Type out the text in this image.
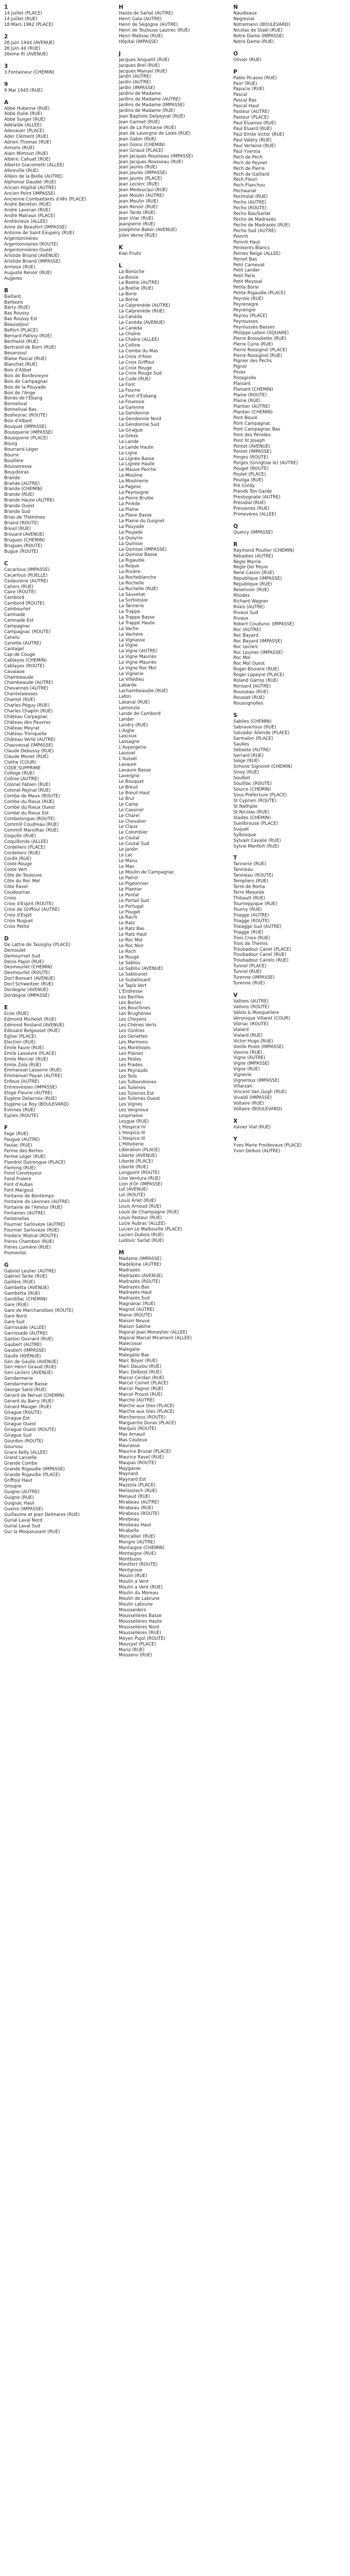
1
14 Juillet (PLACE)
14 Juillet (RUE)
18 Mars 1962 (PLACE)
2
26 Juin 1944 (AVENUE)
26 Juin 44 (RUE)
26eme Ri (AVENUE)
3
3 Fontaineur (CHEMIN)
9
9 Mai 1945 (RUE)
A
Abbé Huberne (RUE)
Abbé Oulié (RUE)
Abbé Surger (RUE)
Adélaïde (ALLEE)
Adenauer (PLACE)
Ader Clément (RUE)
Adrien Thomas (RUE)
Aimons (RUE)
Alain Mimoun (RUE)
Albéric Cahuet (RUE)
Alberto Giacometti (ALLEE)
Albreville (RUE)
Allées de la Bielle (AUTRE)
Alphonse Daudet (RUE)
Ancien Hôpital (AUTRE)
Ancien Point (IMPASSE)
Ancienne Combattants d'Afn (PLACE)
André Benéton (RUE)
André Laveran (RUE)
André Malraux (PLACE)
Andrévieux (ALLEE)
Anne de Beaufort (IMPASSE)
Antoine de Saint Exupéry (RUE)
Argentonnières
Argentonnieres (ROUTE)
Argentonnières Ouest
Aristide Briand (AVENUE)
Aristide Briand (IMPASSE)
Armeux (RUE)
Auguste Renoir (RUE)
Augeres
B
Baillard
Barbezis
Barry (RUE)
Bas Roussy
Bas Roussy Est
Beauséjour
Belfort (PLACE)
Bernard Palissy (RUE)
Berthelot (RUE)
Bertrand de Born (RUE)
Besansoul
Blaise Pascal (RUE)
Blanchet (RUE)
Bois d'Alibet
Bois de Bordevieyre
Bois de Campagnac
Bois de la Pouyade
Bois de l'Ange
Bonds de l'Ebang
Bonnelival
Bonnelival Bas
Bosheyrac (ROUTE)
Bois d'Albert
Bouquet (IMPASSE)
Bousquerie (IMPASSE)
Bousquerie (PLACE)
Bourg
Bourrand Léger
Bourre
Bouillère
Bousseresse
Bouydoiras
Brande
Brande (AUTRE)
Brande (CHEMIN)
Brande (RUE)
Brande Haute (AUTRE)
Brande Ouest
Brande Sud
Brias de Thémines
Briand (ROUTE)
Breuil (RUE)
Brouard (AVENUE)
Brugues (CHEMIN)
Brugues (ROUTE)
Bugue (ROUTE)
C
Cacarlous (IMPASSE)
Cacarlous (RUELLE)
Cadaurerie (AUTRE)
Cahors (RUE)
Caire (ROUTE)
Cambord
Cambord (ROUTE)
Cambourtet
Camnade
Camnade Est
Campagnac
Campagnac (ROUTE)
Canelu
Canotte (AUTRE)
Cantagel
Cap de Couge
Cablayes (CHEMIN)
Cablayes (ROUTE)
Cavaiaoe
Chambeaude
Chambeaude (AUTRE)
Chevannes (AUTRE)
Chantelaiesses
Chantel (RUE)
Charles Péguy (RUE)
Charles Chaplin (RUE)
Château Carpagnac
Château des Pauvres
Château Meyrat
Château Tronquelle
Château Verte (AUTRE)
Chauvessal (IMPASSE)
Claude Debussy (RUE)
Claude Monet (RUE)
Clothe (COUR)
CODE SUPPRIME
Collège (RUE)
Colline (AUTRE)
Colonel Fabien (RUE)
Colonel Rejinal (RUE)
Combe de Maux (ROUTE)
Combe du Rieux (RUE)
Combe du Rieux Ouest
Combe du Rieux Est
Combelongue (ROUTE)
Commill Coudreau (RUE)
Commill Marsilhac (RUE)
Coquille (RUE)
Coquillonds (ALLEE)
Cordeliers (PLACE)
Cordeliers (RUE)
Cordit (RUE)
Coste Rouge
Coste Vert
Côte de Toulouse
Côte du Roc Mel
Côte Ravel
Coudournac
Cross
Croix d'Esprit (ROUTE)
Croix de Griffoul (AUTRE)
Croix d'Espit
Croix Nuguet
Croix Petite
D
De Lattre de Tassigny (PLACE)
Demoulet
Demourrset Sud
Denis Papin (RUE)
Desmourlet (CHEMIN)
Desmourlet (ROUTE)
Docl Bonsart (AVENUE)
Docl Schweitzer (RUE)
Dordogne (AVENUE)
Dordogne (IMPASSE)
E
Ecoe (RUE)
Edmond Michelet (RUE)
Edmond Rostand (AVENUE)
Edouard Belgouset (RUE)
Eglise (PLACE)
Election (RUE)
Emile Faure (RUE)
Emile Lassevre (PLACE)
Emile Mercier (RUE)
Emile Zola (RUE)
Emmanuel Lasserre (RUE)
Emmanuel Payan (AUTRE)
Enfeux (AUTRE)
Entresvesses (IMPASSE)
Eloge Fleurie (AUTRE)
Eugène Delacroix (RUE)
Eugène Le Roy (BOULEVARD)
Evinnes (RUE)
Eyzies (ROUTE)
F
Fage (RUE)
Faugue (AUTRE)
Faulac (RUE)
Ferme des Bertes
Ferme Léger (RUE)
Flandrol Dutrongue (PLACE)
Fleming (RUE)
Fond Cendreyeur
Fond Fraiere
Font d'Aubas
Font Margout
Fontaine de Bontemps
Fontaine de Léonnes (AUTRE)
Fontaine de l'Amour (RUE)
Fontaines (AUTRE)
Fontenelles
Fournier Sarlovèze (AUTRE)
Fournier Sarlovèze (RUE)
Frédéric Mistral (ROUTE)
Frères Chambon (RUE)
Frères Lumière (RUE)
Fromental
G
Gabriel Leulier (AUTRE)
Gabriel Tarde (RUE)
Gaillère (RUE)
Gambetta (AVENUE)
Gambetta (RUE)
Gandillac (CHEMIN)
Gare (RUE)
Gare de Marchandises (ROUTE)
Gare Nord
Gare Sud
Garrissade (ALLEE)
Garrissade (AUTRE)
Gaston Ouvrard (RUE)
Gaubert (AUTRE)
Gaubert (IMPASSE)
Gaulle (AVENUE)
Gén de Gaulle (AVENUE)
Gén Henri Giraud (RUE)
Gén Leclerc (AVENUE)
Gendarmerie
Gendarmerie Basse
George Sand (RUE)
Gérard de Nerval (CHEMIN)
Gérard du Barry (RUE)
Gérard Mauger (RUE)
Girague (ROUTE)
Girague Est
Girague Ouest
Girague Ouest (ROUTE)
Girague Sud
Gourdon (ROUTE)
Goursou
Grace Kelly (ALLEE)
Grand Laruelle
Grande Combe
Grande Rigaudie (IMPASSE)
Grande Rigaudie (PLACE)
Griffoul Haut
Groupie
Guigne (AUTRE)
Guigne (RUE)
Guignac Haut
Guerre (IMPASSE)
Guillaume et Jean Delmares (RUE)
Gurial Laval Nord
Gurial Laval Sud
Gur la Moqueusant (RUE)
H
Haute de Sarlat (AUTRE)
Henri Gala (AUTRE)
Henri de Ségogne (AUTRE)
Henri de Toulouse Lautrec (RUE)
Henri Matisse (RUE)
Hôpital (IMPASSE)
J
Jacques Anquetil (RUE)
Jacques Brel (RUE)
Jacques Manuel (RUE)
Jardin (AUTRE)
Jardin (AUTRE)
Jardin (IMPASSE)
Jardins de Madame
Jardins de Madame (AUTRE)
Jardins de Madame (IMPASSE)
Jardins de Madame (RUE)
Jean Baptiste Delpeyrat (RUE)
Jean Carmet (RUE)
Jean de La Fontaine (RUE)
Jean de Lavergne de Lolés (RUE)
Jean Gabin (RUE)
Jean Giono (CHEMIN)
Jean Giraud (PLACE)
Jean Jacques Rousseau (IMPASSE)
Jean Jacques Rousseau (RUE)
Jean Jaurès (RUE)
Jean Jaurès (IMPASSE)
Jean Jaurès (PLACE)
Jean Leclerc (RUE)
Jean Medoucqui (RUE)
Jean Moulin (AUTRE)
Jean Moulin (RUE)
Jean Renoir (RUE)
Jean Tarde (RUE)
Jean Vilar (RUE)
Jeanpierre (RUE)
Joséphine Baker (AVENUE)
Jules Verne (RUE)
K
Kiwi Fruits
L
La Bonoche
La Boisie
La Boétie (AUTRE)
La Boétie (RUE)
La Borie
La Borne
La Calprenède (AUTRE)
La Calprenède (RUE)
La Canéda
La Canéda (AVENUE)
La Canéda
La Chaîne
La Chaîne (ALLEE)
La Colline
La Combe du Mas
La Croix d'Alon
La Croix Griffoul
La Croix Rouge
La Croix Rouge Sud
La Cude (RUE)
La Font
La Fourne
La Font d'Esbang
La Fouessie
La Garenne
La Gendonnie
La Gendonnie Nord
La Gendonnie Sud
La Girague
La Grèze
La Lande
La Lande Haute
La Ligne
La Lignée Basse
La Lignée Haute
La Mauve Perche
La Mouline
La Moulinerie
La Pagèse
La Peyrougne
La Pierre Brulée
La Pinède
La Plaine
La Plane Basse
La Plaine du Guignet
La Pouyade
La Poujade
La Queyrie
La Quinsse
La Quinsse (IMPASSE)
La Quinsse Basse
La Rigaudie
La Roque
La Rivière
La Rocheblanche
La Rochelle
La Rochelle (RUE)
La Sauvetat
La Sorbiéssie
La Tannerie
La Trappe
La Trappe Basse
La Trappe Haute
La Vache
La Vachère
La Vignasse
La Vigne
La Vigne (AUTRE)
La Vigne Mauriès
La Vigne Mauriès
La Vigne Roc Mol
La Vignerie
La Villedieu
Labarde
Lachambeaudie (RUE)
Lafon
Lakanal (RUE)
Lamonzie
Lande de Cambord
Lander
Landry (RUE)
L'Aiglie
Lascoux
Lassagne
L'Aspergerie
Laussel
L'Aussel
Lavaure
Lavaure Basse
Lavergne
Le Bouquet
Le Breuil
Le Breuil Haut
Le Brul
Le Camp
Le Cassinel
Le Charel
Le Chevalier
Le Claux
Le Colombier
Le Coutal
Le Coutal Sud
Le Jardin
Le Lac
Le Manu
Le Mas
Le Moulin de Campagnac
Le Patrol
Le Pigeonnier
Le Plantier
Le Pontal
Le Portail Sud
Le Portugal
Le Pouget
Le Rachi
Le Ratz
Le Ratz Bas
Le Ratz Haut
Le Roc Mol
Le Roc Noir
Le Roch
Le Rougé
Le Sablou
Le Sablou (AVENUE)
Le Sablounet
Le Sudalissant
Le Tapis Vert
L'Endresse
Les Barilles
Les Bories
Les Bouchines
Les Brughènes
Les Cheyens
Les Chênes Verts
Les Contres
Les Genettes
Les Marmons
Les Morélisses
Les Plaines
Les Pesles
Les Prades
Les Peyrauds
Les Teils
Les Tulbondoines
Les Tuileries
Les Tuileries Est
Les Tuileries Ouest
Les Vignes
Les Vergnoux
Lespinasse
Leygue (RUE)
L'Hospice IV
L'Hospice III
L'Hospice III
L'Hôtellerie
Libération (PLACE)
Liberté (AVENUE)
Liberté (PLACE)
Liberté (RUE)
Longpont (ROUTE)
Lino Ventura (RUE)
Lion d'Or (IMPASSE)
Lol (AVENUE)
Lol (ROUTE)
Louis Arlet (RUE)
Louis Arnoud (RUE)
Louis de Champagne (RUE)
Louis Pasteur (RUE)
Lucie Aubrac (ALLEE)
Lucien Le Malbouille (PLACE)
Lucien Dubois (RUE)
Ludovic Sarlat (RUE)
M
Madame (IMPASSE)
Madeleine (AUTRE)
Madrazès
Madrazès (AVENUE)
Madrazès (ROUTE)
Madrazès Bas
Madrazès Haut
Madrazès Sud
Magnanac (RUE)
Magnol (AUTRE)
Maine (ROUTE)
Maison Neuve
Maison Sabine
Majoral Jean Monestier (ALLEE)
Majoral Marcel Mirament (ALLEE)
Malecosse
Malegalie
Malegalie Bas
Marc Boyer (RUE)
Marc Dauzou (RUE)
Marc Delbost (RUE)
Marcel Cerdan (RUE)
Marcel Cornet (PLACE)
Marcel Pagnol (RUE)
Marcel Proust (RUE)
Marché (AUTRE)
Marché aux Oies (PLACE)
Marché aux Oies (PLACE)
Marchenous (ROUTE)
Marguerite Duras (PLACE)
Marquis (ROUTE)
Mas Arnaud
Mas Couteux
Maurasse
Maurice Bruzat (PLACE)
Maurice Ravel (RUE)
Maupas (ROUTE)
Maygasse
Maynard
Maynard Est
Mazzola (PLACE)
Melissirech (RUE)
Menaud (RUE)
Mirabeau (AUTRE)
Mirabeau (RUE)
Mirabeau (ROUTE)
Mirebeau
Mirebeau Haut
Mirabelle
Moncallier (RUE)
Mongre (AUTRE)
Montaigne (CHEMIN)
Montaigne (RUE)
Montbuois
Montfort (ROUTE)
Montgroux
Moulin (RUE)
Moulin a Vent
Moulin a Vent (RUE)
Moulin du Moreau
Moulin de Labrune
Moulin Labrune
Mousseiders
Mousselières Basse
Mousselières Haute
Mousselières Nord
Mousselières (RUE)
Moyen Pujol (ROUTE)
Mouvyel (PLACE)
Muriz (RUE)
Mouzens (RUE)
N
Naudieaux
Negrevial
Notremann (BOULEVARD)
Nicolas de Staël (RUE)
Notre Dame (IMPASSE)
Notre Dame (RUE)
O
Olivier (RUE)
P
Pablo Picasso (RUE)
Pairr (RUE)
Papucie (RUE)
Pascal
Pascal Bas
Pascal Haut
Pasteur (AUTRE)
Pasteur (PLACE)
Paul Eluaisse (RUE)
Paul Eluard (RUE)
Paul Emile Victor (RUE)
Paul Valéry (RUE)
Paul Verlaine (RUE)
Paul Yvenna
Pech de Pech
Pech de Peynet
Pech de Pierre
Pech de Gaillard
Pech Fleuri
Pech Flanchou
Péchaurial
Pechrolat (RUE)
Pecho (AUTRE)
Pecho (ROUTE)
Pecho Bas/Sarlat
Pecho de Madrazès
Pecho de Madrazès (RUE)
Pecho Sud (AUTRE)
Peinnh
Peinnh Haut
Pénitents Blancs
Pernes Neige (ALLEE)
Pernet Bas
Petit Carnevat
Petit Lander
Petit Paris
Petit Meyssal
Petite Borie
Petite Rigaudie (PLACE)
Peyrole (RUE)
Peyrenègre
Peyrengre
Peyrou (PLACE)
Peyrousses
Peyrousses Basses
Philippe Lebon (SQUARE)
Pierre Brossolette (RUE)
Pierre Curie (RUE)
Pierre Rossignol (PLACE)
Pierre Rossignol (RUE)
Pignier des Pechs
Pignol
Pinier
Pistagrolle
Plaisant
Plaisant (CHEMIN)
Plaine (ROUTE)
Plaine (RUE)
Plantier (AUTRE)
Plantier (CHEMIN)
Pont Bouré
Pont Campagnac
Pont Campagnac Bas
Pont des Pénides
Pont St Joseph
Pontet (AVENUE)
Pontet (IMPASSE)
Porges (ROUTE)
Porges (Gringtise le) (AUTRE)
Pouget (ROUTE)
Poulet (PLACE)
Pouliga (RUE)
Pré Cordy
Prends Ton Garde
Presbygnate (AUTRE)
Présidial (RUE)
Pressenès (RUE)
Primevères (ALLEE)
Q
Quercy (IMPASSE)
R
Raymond Poullier (CHEMIN)
Rébadies (AUTRE)
Règle Marrie
Règle Del Peyre
René Cassin (RUE)
République (IMPASSE)
République (RUE)
Résenvoir (RUE)
Rhodes
Richard Wagner
Rilais (AUTRE)
Rivaux Sud
Rivaux
Robert Couduroc (IMPASSE)
Roc (AUTRE)
Roc Bayard
Roc Bayard (IMPASSE)
Roc Leclerc
Roc Lounier (IMPASSE)
Roc Mol
Roc Mol Ouest
Roger Bissière (RUE)
Roger Lapeyre (PLACE)
Roland Garros (RUE)
Ronsard (AUTRE)
Rousseau (RUE)
Rousset (RUE)
Roussignolles
S
Sablies (CHEMIN)
Sabraverlous (RUE)
Salvador Allende (PLACE)
Sarmaïon (PLACE)
Saulles
Sébaste (AUTRE)
Serrard (RUE)
Siège (RUE)
Simone Signoret (CHEMIN)
Sinsy (RUE)
Soulbet
Soulillac (ROUTE)
Source (CHEMIN)
Sous Préfecture (PLACE)
St Cyprien (ROUTE)
St Nathalie
St Nicolas (RUE)
Stades (CHEMIN)
Sueilbrouse (PLACE)
Suquet
Sylbosque
Sylvain Cavalié (RUE)
Sylvie Monfort (RUE)
T
Tannerie (RUE)
Tannieau
Tannieau (ROUTE)
Templiers (RUE)
Terre de Roma
Terre Mesurée
Thibault (RUE)
Tourneppique (RUE)
Tourny (RUE)
Triagge (AUTRE)
Triagge (ROUTE)
Trieagge Sud (AUTRE)
Triagge (RUE)
Trois Croix (RUE)
Trois de Thémis
Troubadour Cairel (PLACE)
Troubadour Cairel (RUE)
Troubadour Cairels (RUE)
Tunnel (PLACE)
Tunnel (RUE)
Turenne (IMPASSE)
Turenne (RUE)
V
Vallons (AUTRE)
Vallons (ROUTE)
Valois & Mosqueliere
Véronique Villaret (COUR)
Vibriac (ROUTE)
Vialard
Vialard (RUE)
Victor Hugo (RUE)
Vieille Poste (IMPASSE)
Vienne (RUE)
Vigne (AUTRE)
Vigne (IMPASSE)
Vigne (RUE)
Vignerie
Vigneroux (IMPASSE)
Villarzan
Vincent Van Gogh (RUE)
Vivaldi (IMPASSE)
Voltaire (RUE)
Voltaire (BOULEVARD)
X
Xavier Vial (RUE)
Y
Yves Marie Froidevaux (PLACE)
Yvon Delbos (AUTRE)
